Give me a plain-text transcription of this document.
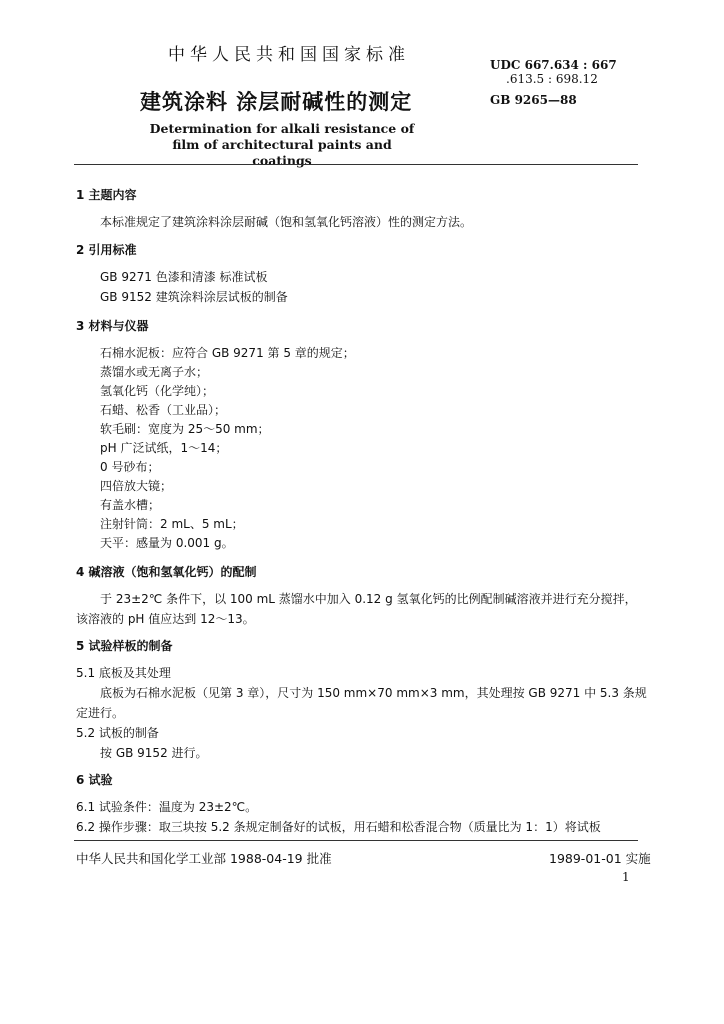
中华人民共和国国家标准	UDC 667.634 : 667
.613.5 : 698.12
建筑涂料 涂层耐碱性的测定	GB 9265—88
Determination for alkali resistance of
film of architectural paints and coatings
1 主题内容
本标准规定了建筑涂料涂层耐碱（饱和氢氧化钙溶液）性的测定方法。
2 引用标准
GB 9271 色漆和清漆 标准试板
GB 9152 建筑涂料涂层试板的制备
3 材料与仪器
石棉水泥板：应符合 GB 9271 第 5 章的规定；
蒸馏水或无离子水；
氢氧化钙（化学纯）；
石蜡、松香（工业品）；
软毛刷：宽度为 25～50 mm；
pH 广泛试纸，1～14；
0 号砂布；
四倍放大镜；
有盖水槽；
注射针筒：2 mL、5 mL；
天平：感量为 0.001 g。
4 碱溶液（饱和氢氧化钙）的配制
于 23±2℃ 条件下，以 100 mL 蒸馏水中加入 0.12 g 氢氧化钙的比例配制碱溶液并进行充分搅拌，
该溶液的 pH 值应达到 12～13。
5 试验样板的制备
5.1 底板及其处理
底板为石棉水泥板（见第 3 章），尺寸为 150 mm×70 mm×3 mm，其处理按 GB 9271 中 5.3 条规
定进行。
5.2 试板的制备
按 GB 9152 进行。
6 试验
6.1 试验条件：温度为 23±2℃。
6.2 操作步骤：取三块按 5.2 条规定制备好的试板，用石蜡和松香混合物（质量比为 1：1）将试板
中华人民共和国化学工业部 1988-04-19 批准	1989-01-01 实施
1
